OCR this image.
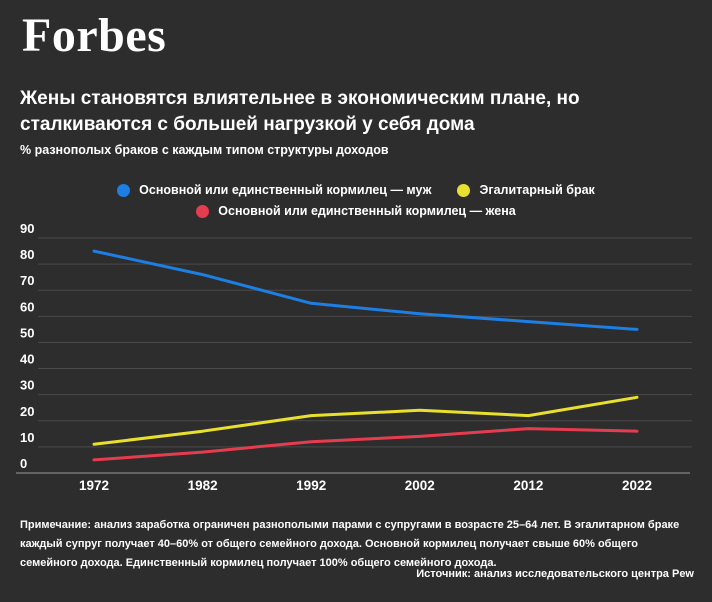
Forbes
Жены становятся влиятельнее в экономическим плане, но сталкиваются с большей нагрузкой у себя дома
% разнополых браков с каждым типом структуры доходов
Основной или единственный кормилец — муж	Эгалитарный брак
Основной или единственный кормилец — жена
0
10
20
30
40
50
60
70
80
90
1972	1982	1992	2002	2012	2022
Примечание: анализ заработка ограничен разнополыми парами с супругами в возрасте 25–64 лет. В эгалитарном браке каждый супруг получает 40–60% от общего семейного дохода. Основной кормилец получает свыше 60% общего семейного дохода. Единственный кормилец получает 100% общего семейного дохода.
Источник: анализ исследовательского центра Pew
